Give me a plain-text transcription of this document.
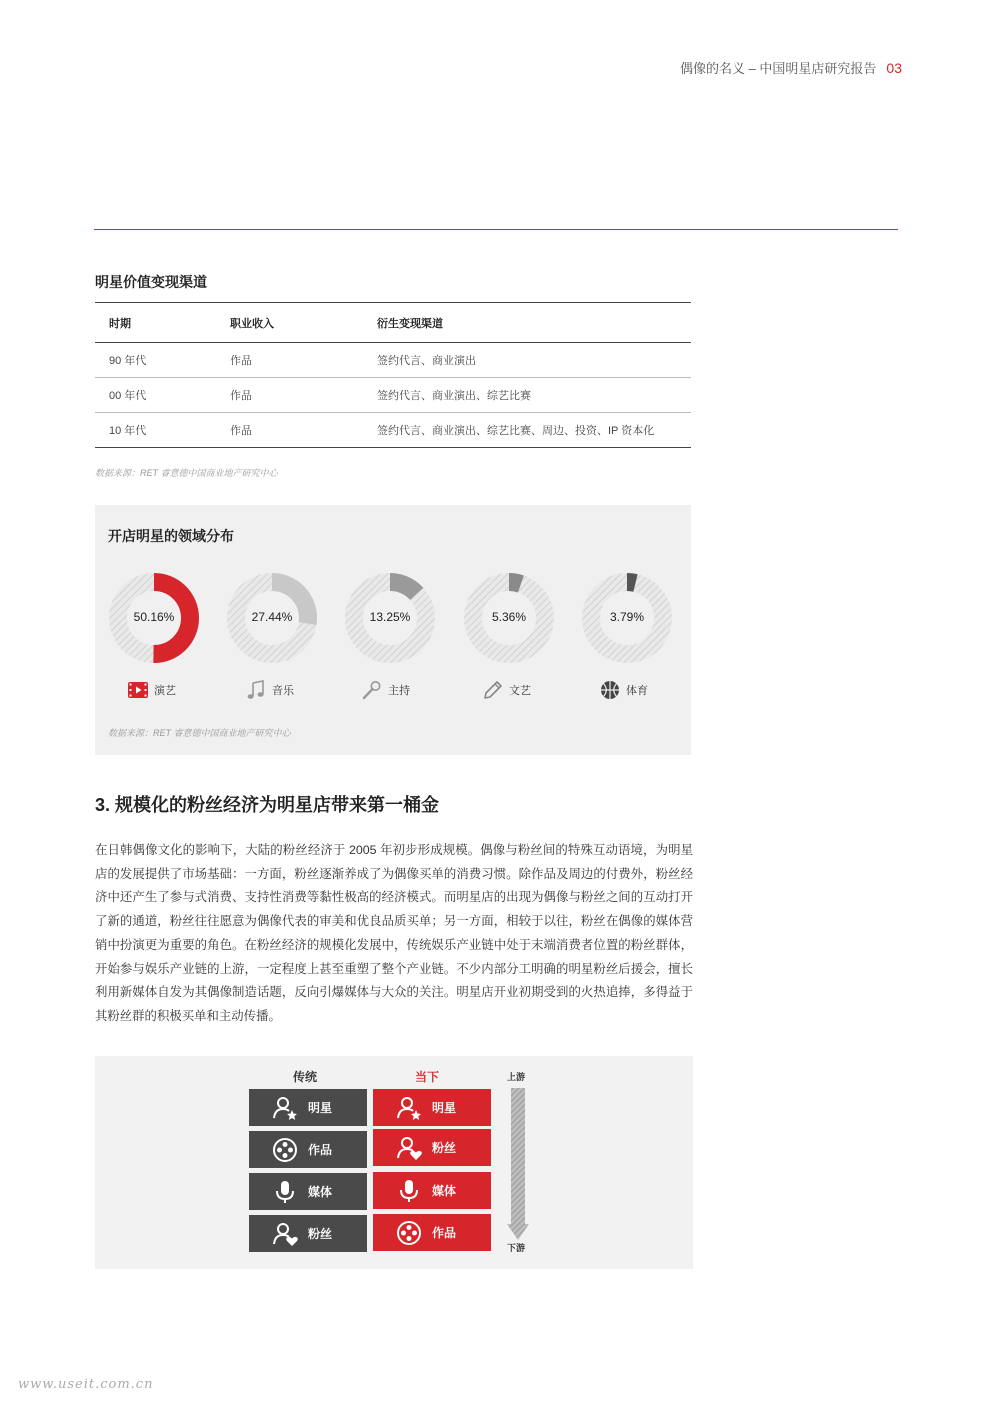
偶像的名义 – 中国明星店研究报告 03
明星价值变现渠道
时期	职业收入	衍生变现渠道
90 年代	作品	签约代言、商业演出
00 年代	作品	签约代言、商业演出、综艺比赛
10 年代	作品	签约代言、商业演出、综艺比赛、周边、投资、IP 资本化
数据来源：RET 睿意德中国商业地产研究中心
开店明星的领域分布
50.16%	27.44%	13.25%	5.36%	3.79%
演艺	音乐	主持	文艺	体育
数据来源：RET 睿意德中国商业地产研究中心
3. 规模化的粉丝经济为明星店带来第一桶金
在日韩偶像文化的影响下，大陆的粉丝经济于 2005 年初步形成规模。偶像与粉丝间的特殊互动语境，为明星店的发展提供了市场基础：一方面，粉丝逐渐养成了为偶像买单的消费习惯。除作品及周边的付费外，粉丝经济中还产生了参与式消费、支持性消费等黏性极高的经济模式。而明星店的出现为偶像与粉丝之间的互动打开了新的通道，粉丝往往愿意为偶像代表的审美和优良品质买单；另一方面，相较于以往，粉丝在偶像的媒体营销中扮演更为重要的角色。在粉丝经济的规模化发展中，传统娱乐产业链中处于末端消费者位置的粉丝群体，开始参与娱乐产业链的上游，一定程度上甚至重塑了整个产业链。不少内部分工明确的明星粉丝后援会，擅长利用新媒体自发为其偶像制造话题，反向引爆媒体与大众的关注。明星店开业初期受到的火热追捧，多得益于其粉丝群的积极买单和主动传播。
传统	当下
明星
作品
媒体
粉丝
明星
粉丝
媒体
作品
上游
下游
www.useit.com.cn
